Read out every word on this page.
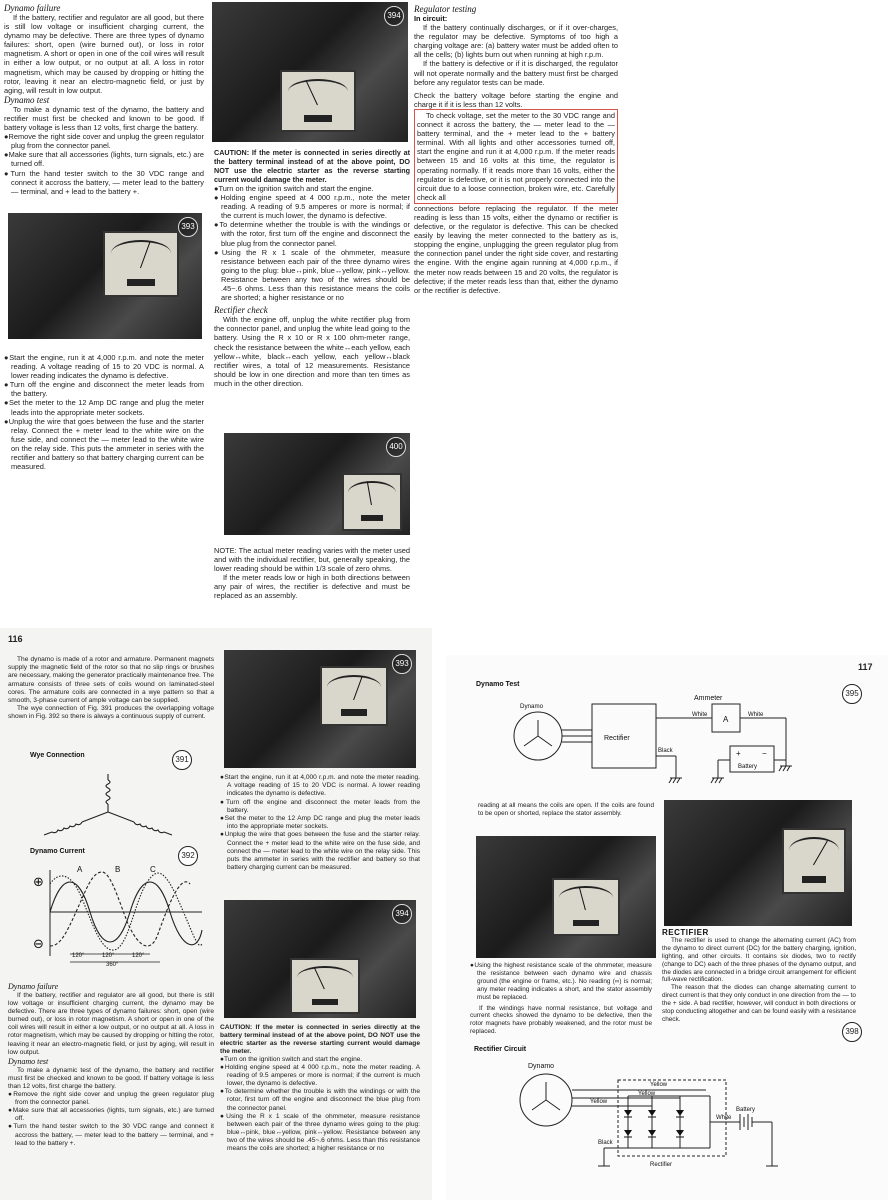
Dynamo failure

If the battery, rectifier and regulator are all good, but there is still low voltage or insufficient charging current, the dynamo may be defective. There are three types of dynamo failures: short, open (wire burned out), or loss in rotor magnetism. A short or open in one of the coil wires will result in either a low output, or no output at all. A loss in rotor magnetism, which may be caused by dropping or hitting the rotor, leaving it near an electro-magnetic field, or just by aging, will result in low output.

Dynamo test

To make a dynamic test of the dynamo, the battery and rectifier must first be checked and known to be good. If battery voltage is less than 12 volts, first charge the battery.

●Remove the right side cover and unplug the green regulator plug from the connector panel.

●Make sure that all accessories (lights, turn signals, etc.) are turned off.

●Turn the hand tester switch to the 30 VDC range and connect it accross the battery, — meter lead to the battery — terminal, and + lead to the battery +.

393

●Start the engine, run it at 4,000 r.p.m. and note the meter reading. A voltage reading of 15 to 20 VDC is normal. A lower reading indicates the dynamo is defective.

●Turn off the engine and disconnect the meter leads from the battery.

●Set the meter to the 12 Amp DC range and plug the meter leads into the appropriate meter sockets.

●Unplug the wire that goes between the fuse and the starter relay. Connect the + meter lead to the white wire on the fuse side, and connect the — meter lead to the white wire on the relay side. This puts the ammeter in series with the rectifier and battery so that battery charging current can be measured.

394

CAUTION: If the meter is connected in series directly at the battery terminal instead of at the above point, DO NOT use the electric starter as the reverse starting current would damage the meter.

●Turn on the ignition switch and start the engine.

●Holding engine speed at 4 000 r.p.m., note the meter reading. A reading of 9.5 amperes or more is normal; if the current is much lower, the dynamo is defective.

●To determine whether the trouble is with the windings or with the rotor, first turn off the engine and disconnect the blue plug from the connector panel.

●Using the R x 1 scale of the ohmmeter, measure resistance between each pair of the three dynamo wires going to the plug: blue↔pink, blue↔yellow, pink↔yellow. Resistance between any two of the wires should be .45~.6 ohms. Less than this resistance means the coils are shorted; a higher resistance or no

Rectifier check

With the engine off, unplug the white rectifier plug from the connector panel, and unplug the white lead going to the battery. Using the R x 10 or R x 100 ohm-meter range, check the resistance between the white↔each yellow, each yellow↔white, black↔each yellow, each yellow↔black rectifier wires, a total of 12 measurements. Resistance should be low in one direction and more than ten times as much in the other direction.

400

NOTE: The actual meter reading varies with the meter used and with the individual rectifier, but, generally speaking, the lower reading should be within 1/3 scale of zero ohms.

If the meter reads low or high in both directions between any pair of wires, the rectifier is defective and must be replaced as an assembly.

Regulator testing

In circuit:

If the battery continually discharges, or if it over-charges, the regulator may be defective. Symptoms of too high a charging voltage are: (a) battery water must be added often to all the cells; (b) lights burn out when running at high r.p.m.

If the battery is defective or if it is discharged, the regulator will not operate normally and the battery must first be charged before any regulator tests can be made.

Check the battery voltage before starting the engine and charge it if it is less than 12 volts.

To check voltage, set the meter to the 30 VDC range and connect it across the battery, the — meter lead to the — battery terminal, and the + meter lead to the + battery terminal. With all lights and other accessories turned off, start the engine and run it at 4,000 r.p.m. If the meter reads between 15 and 16 volts at this time, the regulator is operating normally. If it reads more than 16 volts, either the regulator is defective, or it is not properly connected into the circuit due to a loose connection, broken wire, etc. Carefully check all

connections before replacing the regulator. If the meter reading is less than 15 volts, either the dynamo or rectifier is defective, or the regulator is defective. This can be checked easily by leaving the meter connected to the battery as is, stopping the engine, unplugging the green regulator plug from the connection panel under the right side cover, and restarting the engine. With the engine again running at 4,000 r.p.m., if the meter now reads between 15 and 20 volts, the regulator is defective; if the meter reads less than that, either the dynamo or the rectifier is defective.

116

The dynamo is made of a rotor and armature. Permanent magnets supply the magnetic field of the rotor so that no slip rings or brushes are necessary, making the generator practically maintenance free. The armature consists of three sets of coils wound on laminated-steel cores. The armature coils are connected in a wye pattern so that a smooth, 3-phase current of ample voltage can be supplied.

The wye connection of Fig. 391 produces the overlapping voltage shown in Fig. 392 so there is always a continuous supply of current.

Wye Connection	391
Dynamo Current	392
A	B	C
⊕
⊖
120°	120°	120°
360°

Dynamo failure

If the battery, rectifier and regulator are all good, but there is still low voltage or insufficient charging current, the dynamo may be defective. There are three types of dynamo failures: short, open (wire burned out), or loss in rotor magnetism. A short or open in one of the coil wires will result in either a low output, or no output at all. A loss in rotor magnetism, which may be caused by dropping or hitting the rotor, leaving it near an electro-magnetic field, or just by aging, will result in low output.

Dynamo test

To make a dynamic test of the dynamo, the battery and rectifier must first be checked and known to be good. If battery voltage is less than 12 volts, first charge the battery.

●Remove the right side cover and unplug the green regulator plug from the connector panel.

●Make sure that all accessories (lights, turn signals, etc.) are turned off.

●Turn the hand tester switch to the 30 VDC range and connect it accross the battery, — meter lead to the battery — terminal, and + lead to the battery +.

393

●Start the engine, run it at 4,000 r.p.m. and note the meter reading. A voltage reading of 15 to 20 VDC is normal. A lower reading indicates the dynamo is defective.

●Turn off the engine and disconnect the meter leads from the battery.

●Set the meter to the 12 Amp DC range and plug the meter leads into the appropriate meter sockets.

●Unplug the wire that goes between the fuse and the starter relay. Connect the + meter lead to the white wire on the fuse side, and connect the — meter lead to the white wire on the relay side. This puts the ammeter in series with the rectifier and battery so that battery charging current can be measured.

394

CAUTION: If the meter is connected in series directly at the battery terminal instead of at the above point, DO NOT use the electric starter as the reverse starting current would damage the meter.

●Turn on the ignition switch and start the engine.

●Holding engine speed at 4 000 r.p.m., note the meter reading. A reading of 9.5 amperes or more is normal; if the current is much lower, the dynamo is defective.

●To determine whether the trouble is with the windings or with the rotor, first turn off the engine and disconnect the blue plug from the connector panel.

●Using the R x 1 scale of the ohmmeter, measure resistance between each pair of the three dynamo wires going to the plug: blue↔pink, blue↔yellow, pink↔yellow. Resistance between any two of the wires should be .45~.6 ohms. Less than this resistance means the coils are shorted; a higher resistance or no

117
Dynamo Test
395
Dynamo
Ammeter
A
White	White
Rectifier
Black	+	−
Battery

reading at all means the coils are open. If the coils are found to be open or shorted, replace the stator assembly.

●Using the highest resistance scale of the ohmmeter, measure the resistance between each dynamo wire and chassis ground (the engine or frame, etc.). No reading (∞) is normal; any meter reading indicates a short, and the stator assembly must be replaced.

If the windings have normal resistance, but voltage and current checks showed the dynamo to be defective, then the rotor magnets have probably weakened, and the rotor must be replaced.

RECTIFIER

The rectifier is used to change the alternating current (AC) from the dynamo to direct current (DC) for the battery charging, ignition, lighting, and other circuits. It contains six diodes, two to rectify (change to DC) each of the three phases of the dynamo output, and the diodes are connected in a bridge circuit arrangement for efficient full-wave rectification.

The reason that the diodes can change alternating current to direct current is that they only conduct in one direction from the — to the + side. A bad rectifier, however, will conduct in both directions or stop conducting altogether and can be found easily with a resistance check.

Rectifier Circuit
398
Dynamo
Yellow
Yellow
Yellow
White
Battery
Black
Rectifier
